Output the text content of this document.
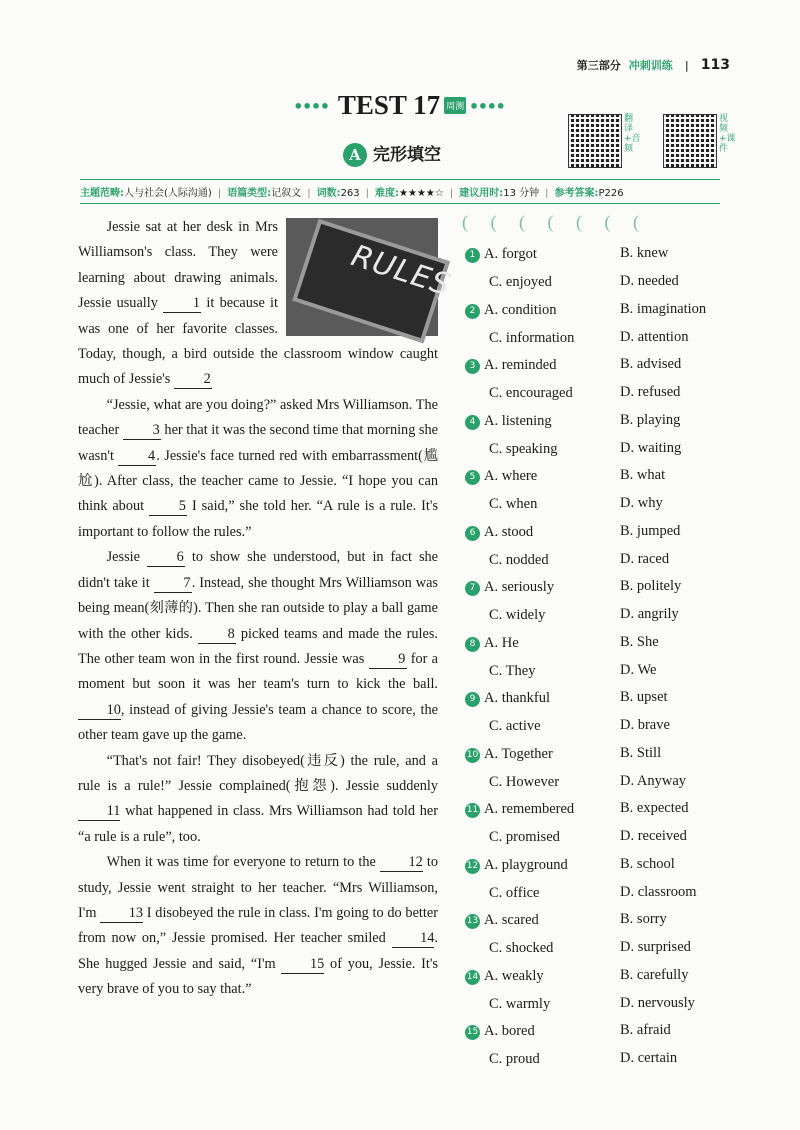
第三部分 冲刺训练 | 113
●●●● TEST 17 周测 ●●●●
A 完形填空
翻译+音频
视频+课件
主题范畴:人与社会(人际沟通) | 语篇类型:记叙文 | 词数:263 | 难度:★★★★☆ | 建议用时:13 分钟 | 参考答案:P226

RULES
Jessie sat at her desk in Mrs Williamson's class. They were learning about drawing animals. Jessie usually 1 it because it was one of her favorite classes. Today, though, a bird outside the classroom window caught much of Jessie's 2

“Jessie, what are you doing?” asked Mrs Williamson. The teacher 3 her that it was the second time that morning she wasn't 4. Jessie's face turned red with embarrassment(尴尬). After class, the teacher came to Jessie. “I hope you can think about 5 I said,” she told her. “A rule is a rule. It's important to follow the rules.”

Jessie 6 to show she understood, but in fact she didn't take it 7. Instead, she thought Mrs Williamson was being mean(刻薄的). Then she ran outside to play a ball game with the other kids. 8 picked teams and made the rules. The other team won in the first round. Jessie was 9 for a moment but soon it was her team's turn to kick the ball. 10, instead of giving Jessie's team a chance to score, the other team gave up the game.

“That's not fair! They disobeyed(违反) the rule, and a rule is a rule!” Jessie complained(抱怨). Jessie suddenly 11 what happened in class. Mrs Williamson had told her “a rule is a rule”, too.

When it was time for everyone to return to the 12 to study, Jessie went straight to her teacher. “Mrs Williamson, I'm 13 I disobeyed the rule in class. I'm going to do better from now on,” Jessie promised. Her teacher smiled 14. She hugged Jessie and said, “I'm 15 of you, Jessie. It's very brave of you to say that.”

( ( ( ( ( ( (
1 A. forgot	B. knew
C. enjoyed	D. needed
2 A. condition	B. imagination
C. information	D. attention
3 A. reminded	B. advised
C. encouraged	D. refused
4 A. listening	B. playing
C. speaking	D. waiting
5 A. where	B. what
C. when	D. why
6 A. stood	B. jumped
C. nodded	D. raced
7 A. seriously	B. politely
C. widely	D. angrily
8 A. He	B. She
C. They	D. We
9 A. thankful	B. upset
C. active	D. brave
10 A. Together	B. Still
C. However	D. Anyway
11 A. remembered	B. expected
C. promised	D. received
12 A. playground	B. school
C. office	D. classroom
13 A. scared	B. sorry
C. shocked	D. surprised
14 A. weakly	B. carefully
C. warmly	D. nervously
15 A. bored	B. afraid
C. proud	D. certain
